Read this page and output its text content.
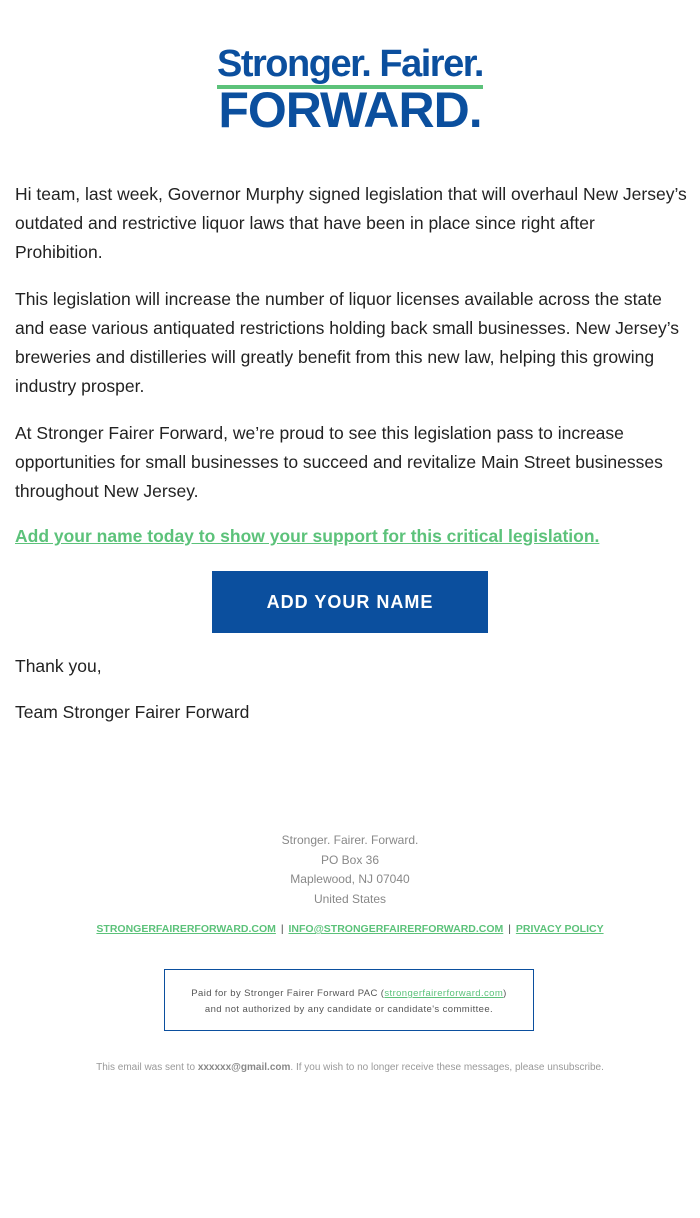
Stronger. Fairer.
FORWARD.

Hi team, last week, Governor Murphy signed legislation that will overhaul New Jersey’s outdated and restrictive liquor laws that have been in place since right after Prohibition.

This legislation will increase the number of liquor licenses available across the state and ease various antiquated restrictions holding back small businesses. New Jersey’s breweries and distilleries will greatly benefit from this new law, helping this growing industry prosper.

At Stronger Fairer Forward, we’re proud to see this legislation pass to increase opportunities for small businesses to succeed and revitalize Main Street businesses throughout New Jersey.

Add your name today to show your support for this critical legislation.
ADD YOUR NAME
Thank you,
Team Stronger Fairer Forward
Stronger. Fairer. Forward.
PO Box 36
Maplewood, NJ 07040
United States
STRONGERFAIRERFORWARD.COM | INFO@STRONGERFAIRERFORWARD.COM | PRIVACY POLICY
Paid for by Stronger Fairer Forward PAC (strongerfairerforward.com)
and not authorized by any candidate or candidate's committee.
This email was sent to xxxxxx@gmail.com. If you wish to no longer receive these messages, please unsubscribe.
